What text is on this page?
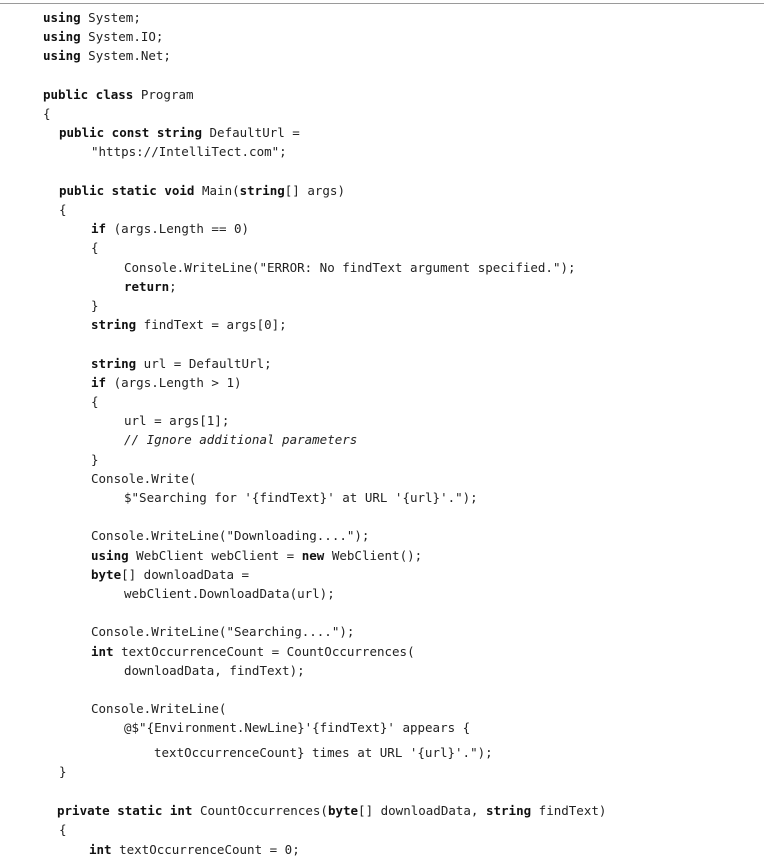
using System;
using System.IO;
using System.Net;
public class Program
{
public const string DefaultUrl =
"https://IntelliTect.com";
public static void Main(string[] args)
{
if (args.Length == 0)
{
Console.WriteLine("ERROR: No findText argument specified.");
return;
}
string findText = args[0];
string url = DefaultUrl;
if (args.Length > 1)
{
url = args[1];
// Ignore additional parameters
}
Console.Write(
$"Searching for '{findText}' at URL '{url}'.");
Console.WriteLine("Downloading....");
using WebClient webClient = new WebClient();
byte[] downloadData =
webClient.DownloadData(url);
Console.WriteLine("Searching....");
int textOccurrenceCount = CountOccurrences(
downloadData, findText);
Console.WriteLine(
@$"{Environment.NewLine}'{findText}' appears {
textOccurrenceCount} times at URL '{url}'.");
}
private static int CountOccurrences(byte[] downloadData, string findText)
{
int textOccurrenceCount = 0;
